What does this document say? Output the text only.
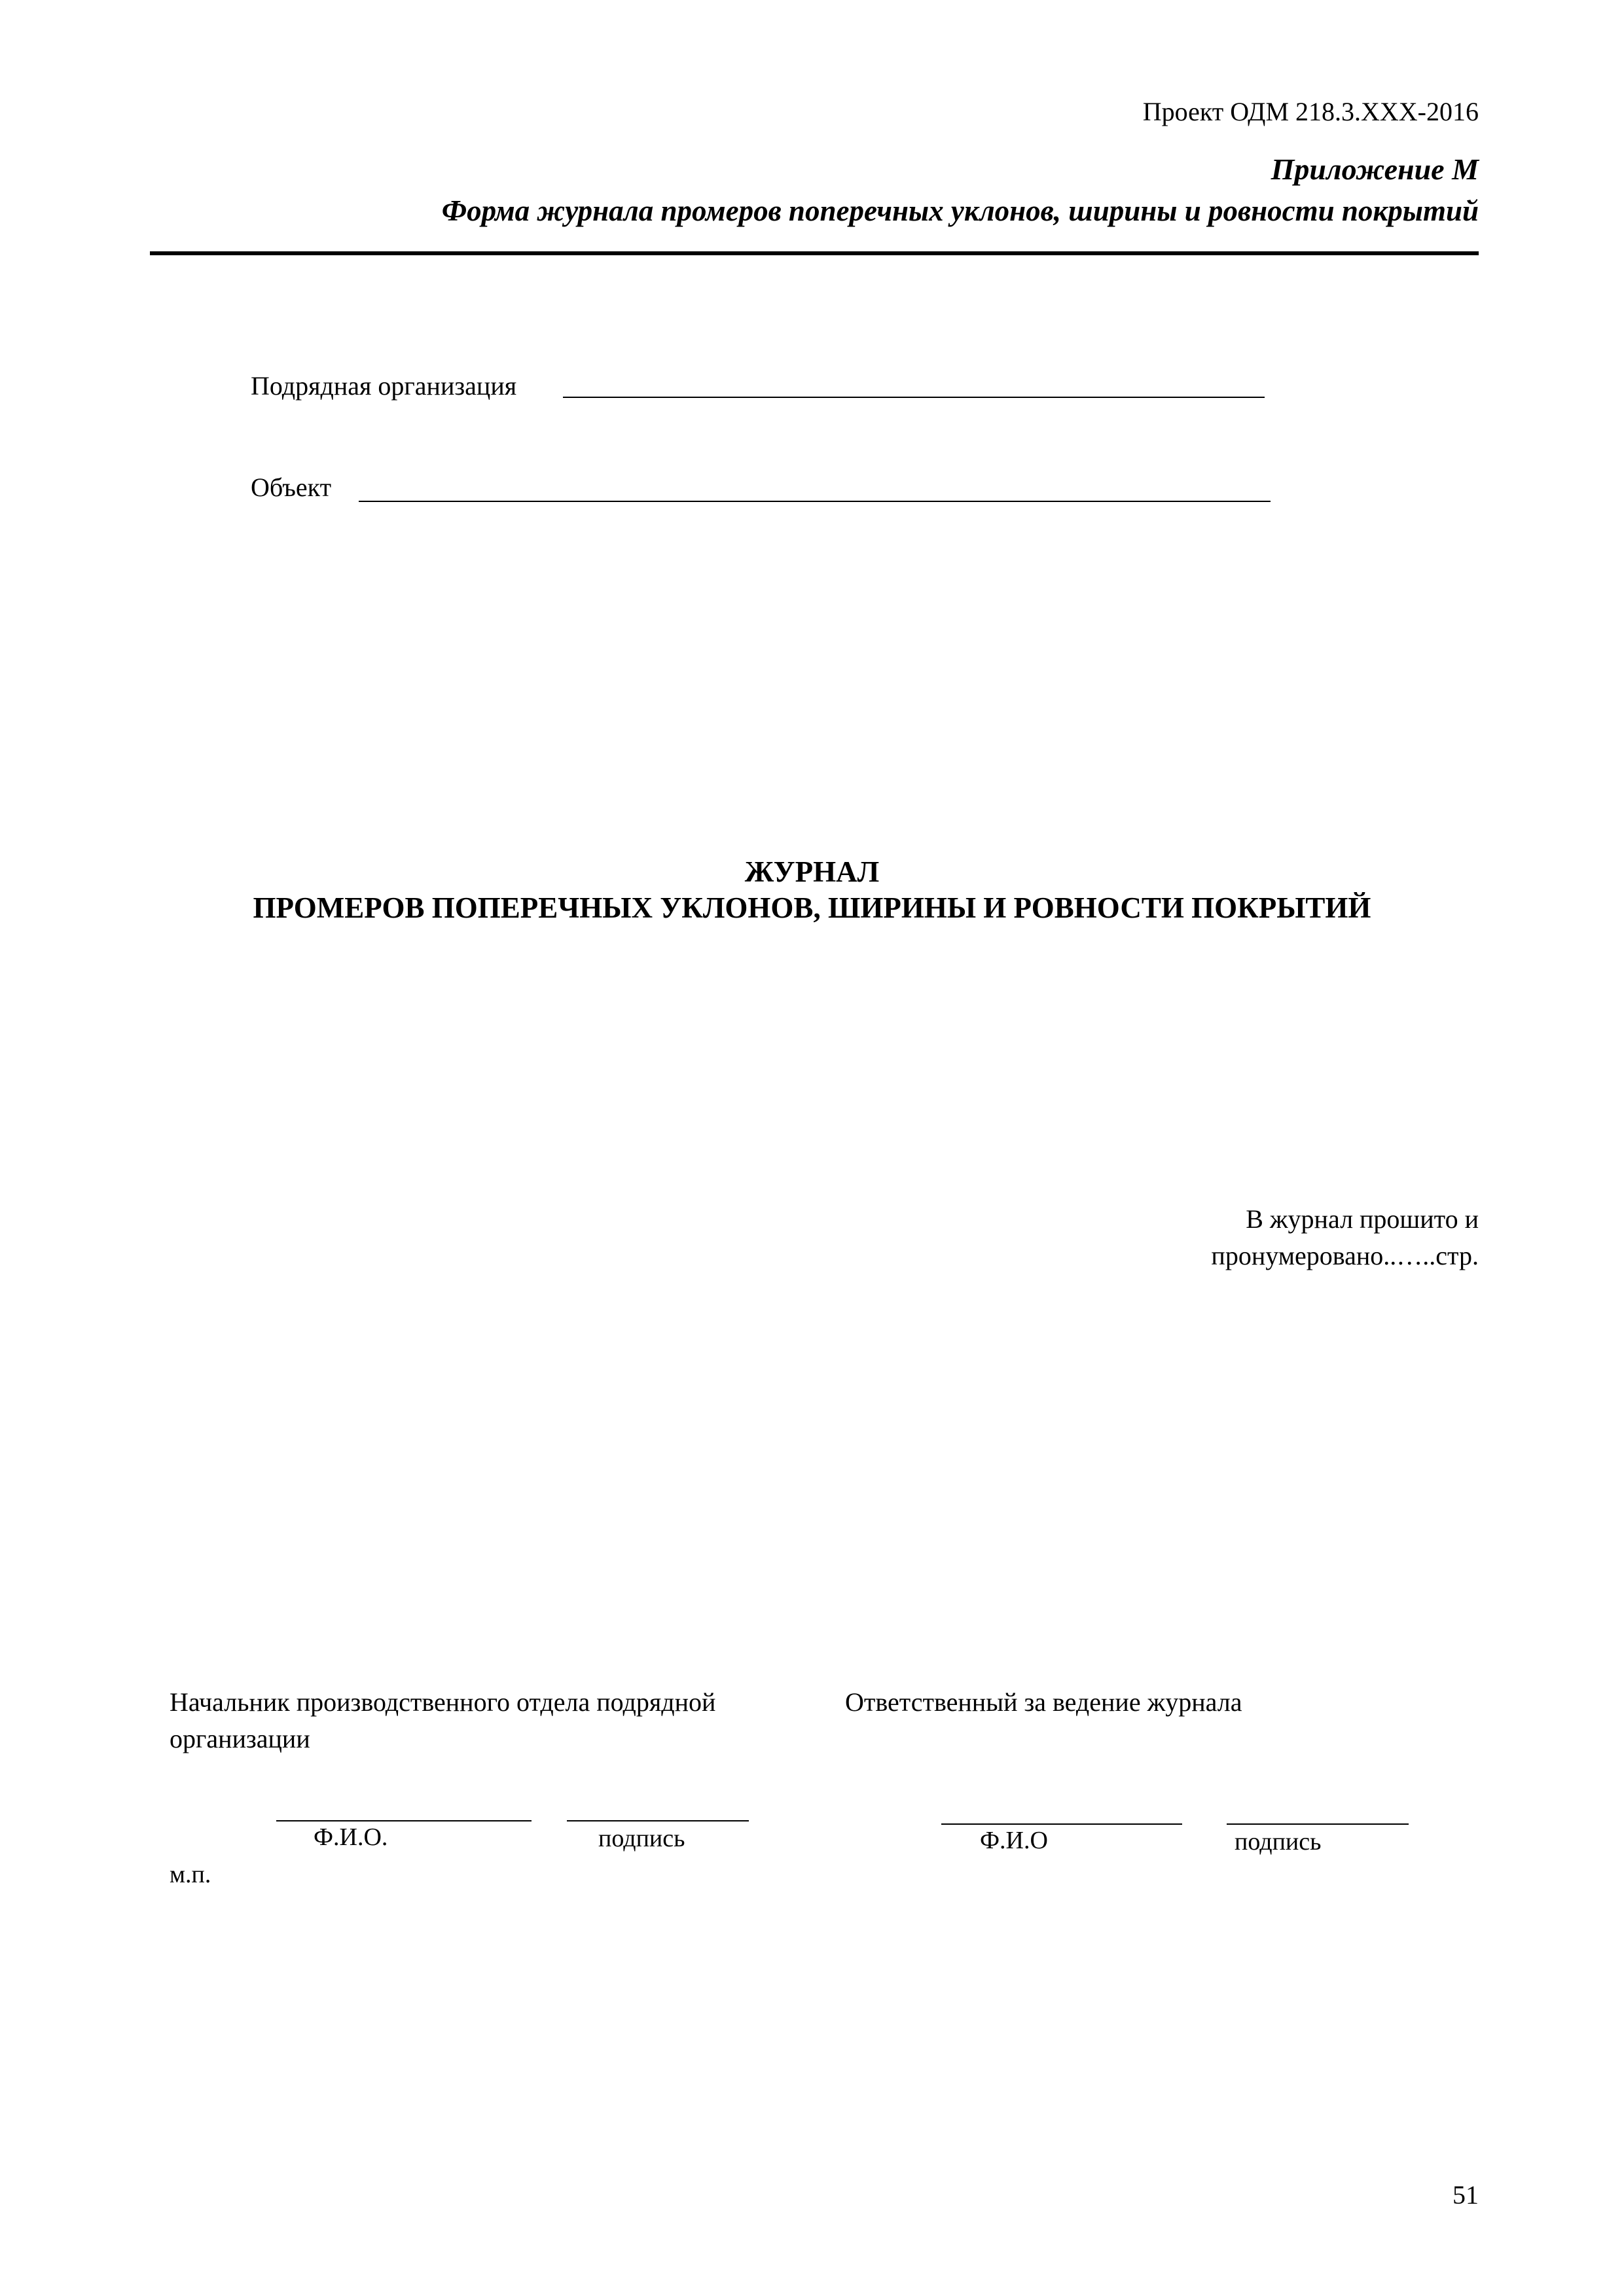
Проект ОДМ 218.3.XXX-2016
Приложение М
Форма журнала промеров поперечных уклонов, ширины и ровности покрытий
Подрядная организация
Объект
ЖУРНАЛ
ПРОМЕРОВ ПОПЕРЕЧНЫХ УКЛОНОВ, ШИРИНЫ И РОВНОСТИ ПОКРЫТИЙ
В журнал прошито и
пронумеровано..…..стр.
Начальник производственного отдела подрядной
организации
Ф.И.О.	подпись
м.п.
Ответственный за ведение журнала
Ф.И.О	подпись
51
